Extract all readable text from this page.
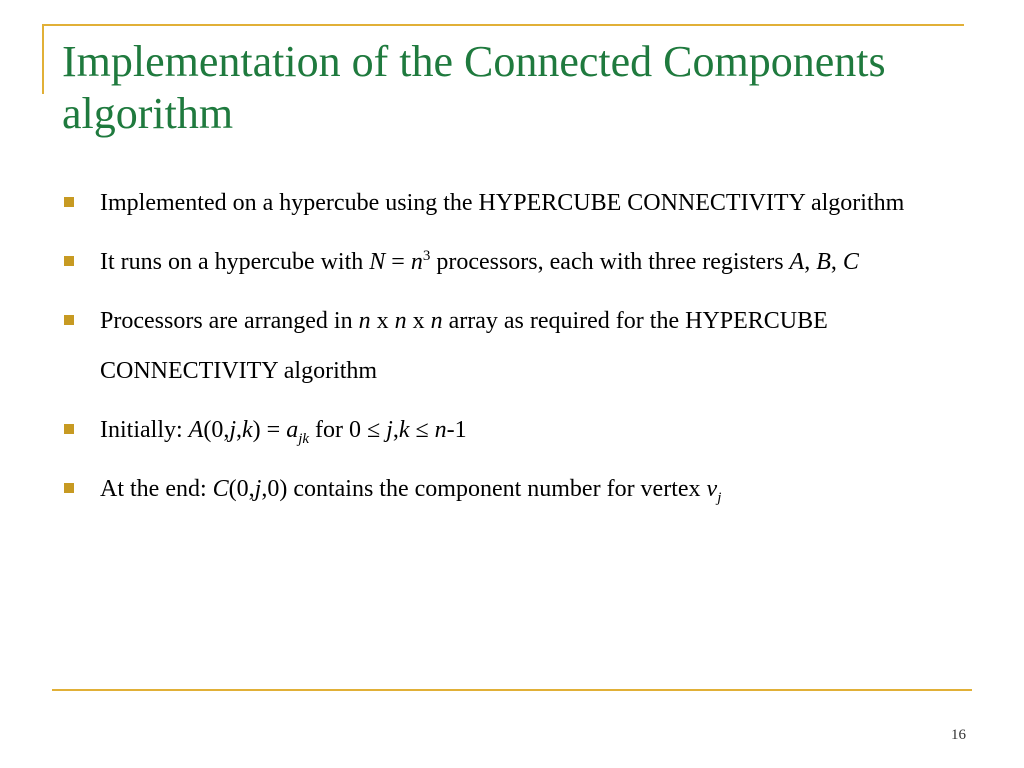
Implementation of the Connected Components algorithm
Implemented on a hypercube using the HYPERCUBE CONNECTIVITY algorithm
It runs on a hypercube with $N = n^3$ processors, each with three registers A, B, C
Processors are arranged in n x n x n array as required for the HYPERCUBE CONNECTIVITY algorithm
Initially: $A(0,j,k) = a_{jk}$ for 0 ≤ j,k ≤ n-1
At the end: C(0,j,0) contains the component number for vertex $v_j$
16
